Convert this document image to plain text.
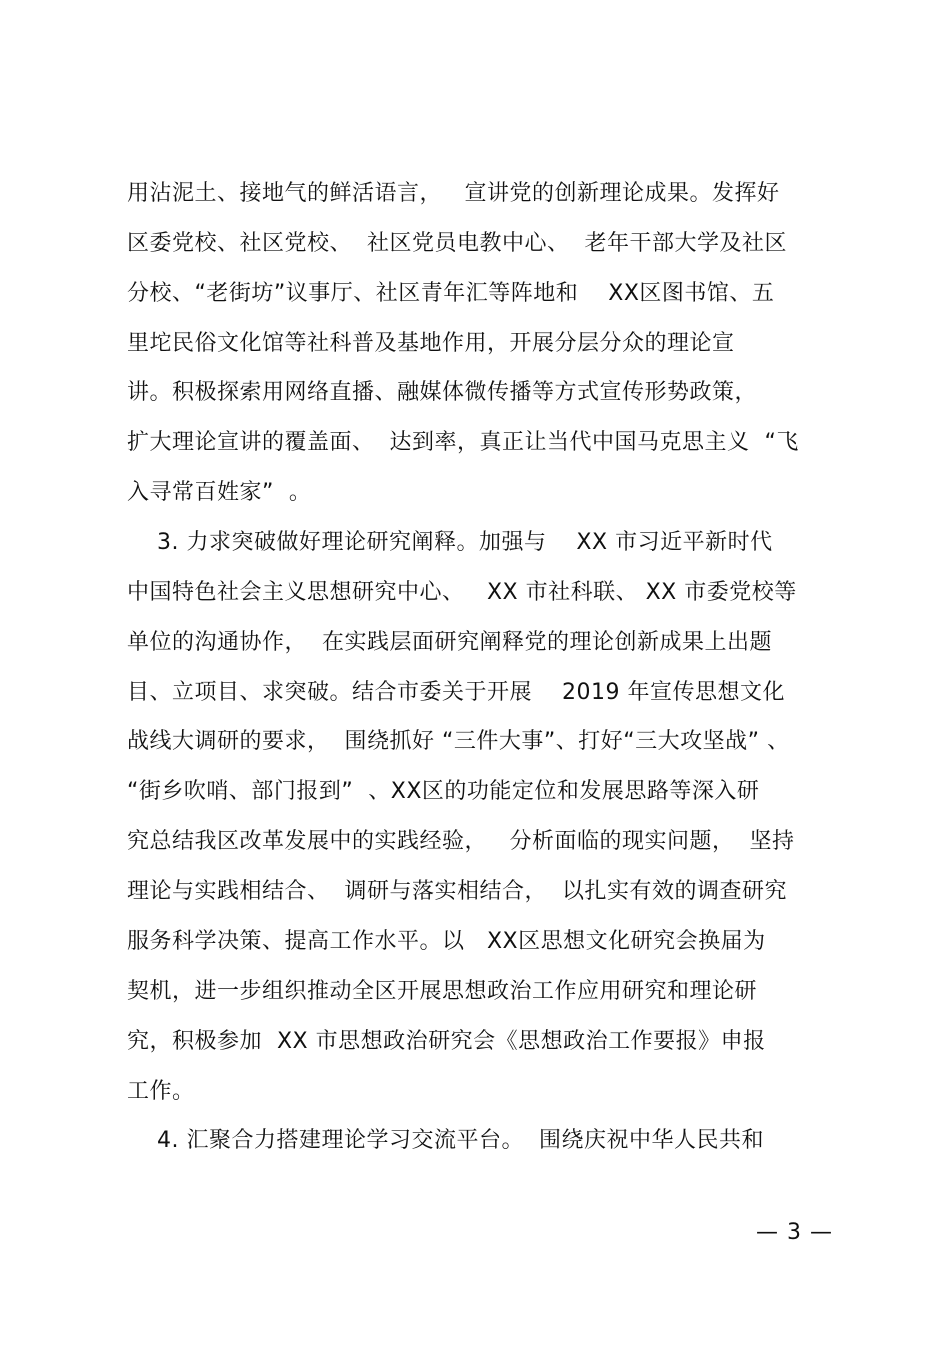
用沾泥土、接地气的鲜活语言，   宣讲党的创新理论成果。发挥好
区委党校、社区党校、  社区党员电教中心、  老年干部大学及社区
分校、“老街坊”议事厅、社区青年汇等阵地和    XX区图书馆、五
里坨民俗文化馆等社科普及基地作用，开展分层分众的理论宣
讲。积极探索用网络直播、融媒体微传播等方式宣传形势政策，
扩大理论宣讲的覆盖面、  达到率，真正让当代中国马克思主义  “飞
入寻常百姓家”  。
3. 力求突破做好理论研究阐释。加强与    XX 市习近平新时代
中国特色社会主义思想研究中心、   XX 市社科联、 XX 市委党校等
单位的沟通协作，  在实践层面研究阐释党的理论创新成果上出题
目、立项目、求突破。结合市委关于开展    2019 年宣传思想文化
战线大调研的要求，  围绕抓好 “三件大事”、打好“三大攻坚战” 、
“街乡吹哨、部门报到”  、XX区的功能定位和发展思路等深入研
究总结我区改革发展中的实践经验，   分析面临的现实问题，  坚持
理论与实践相结合、  调研与落实相结合，  以扎实有效的调查研究
服务科学决策、提高工作水平。以   XX区思想文化研究会换届为
契机，进一步组织推动全区开展思想政治工作应用研究和理论研
究，积极参加  XX 市思想政治研究会《思想政治工作要报》申报
工作。
4. 汇聚合力搭建理论学习交流平台。  围绕庆祝中华人民共和
— 3 —
